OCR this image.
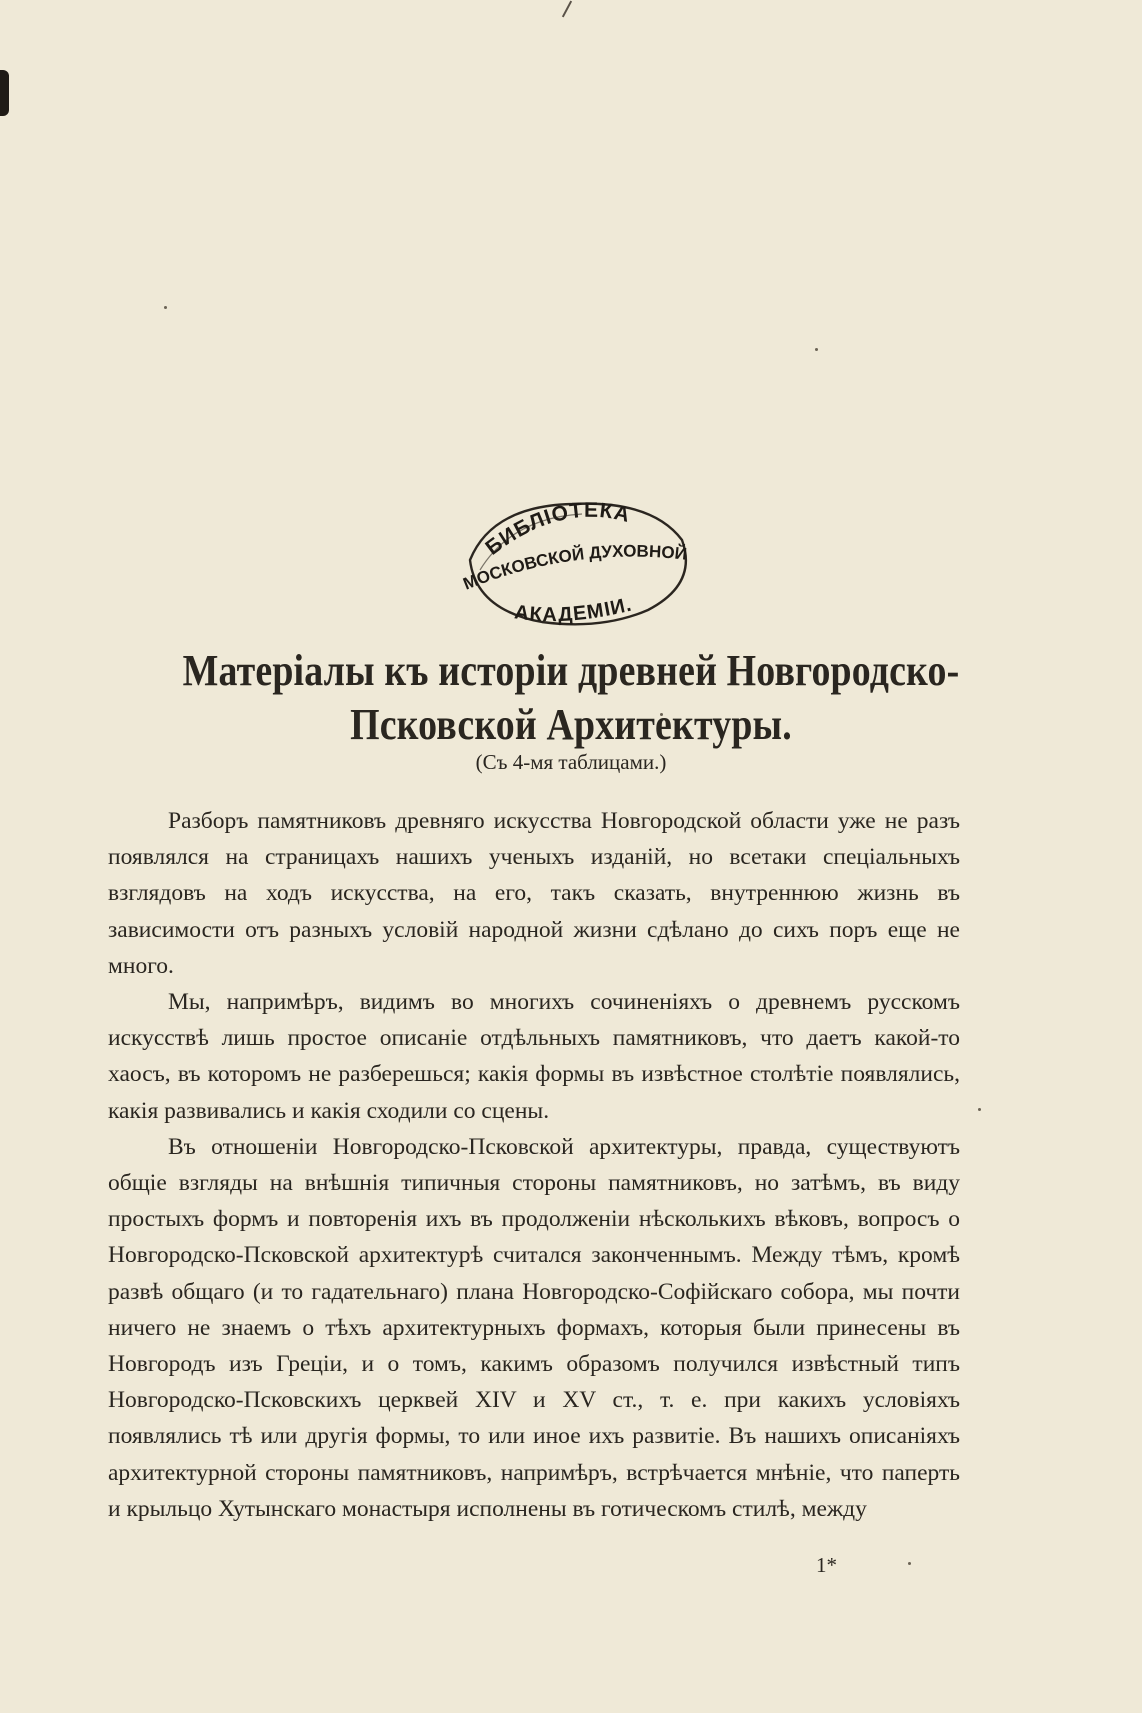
БИБЛІОТЕКА
МОСКОВСКОЙ ДУХОВНОЙ
АКАДЕМІИ.
Матеріалы къ исторіи древней Новгородско-Псковской Архитектуры.
(Съ 4-мя таблицами.)

Разборъ памятниковъ древняго искусства Новгородской области уже не разъ появлялся на страницахъ нашихъ ученыхъ изданій, но всетаки спеціальныхъ взглядовъ на ходъ искусства, на его, такъ сказать, внутреннюю жизнь въ зависимости отъ разныхъ условій народной жизни сдѣлано до сихъ поръ еще не много.

Мы, напримѣръ, видимъ во многихъ сочиненіяхъ о древнемъ русскомъ искусствѣ лишь простое описаніе отдѣльныхъ памятниковъ, что даетъ какой-то хаосъ, въ которомъ не разберешься; какія формы въ извѣстное столѣтіе появлялись, какія развивались и какія сходили со сцены.

Въ отношеніи Новгородско-Псковской архитектуры, правда, существуютъ общіе взгляды на внѣшнія типичныя стороны памятниковъ, но затѣмъ, въ виду простыхъ формъ и повторенія ихъ въ продолженіи нѣсколькихъ вѣковъ, вопросъ о Новгородско-Псковской архитектурѣ считался законченнымъ. Между тѣмъ, кромѣ развѣ общаго (и то гадательнаго) плана Новгородско-Софійскаго собора, мы почти ничего не знаемъ о тѣхъ архитектурныхъ формахъ, которыя были принесены въ Новгородъ изъ Греціи, и о томъ, какимъ образомъ получился извѣстный типъ Новгородско-Псковскихъ церквей XIV и XV ст., т. е. при какихъ условіяхъ появлялись тѣ или другія формы, то или иное ихъ развитіе. Въ нашихъ описаніяхъ архитектурной стороны памятниковъ, напримѣръ, встрѣчается мнѣніе, что паперть и крыльцо Хутынскаго монастыря исполнены въ готическомъ стилѣ, между

1*
